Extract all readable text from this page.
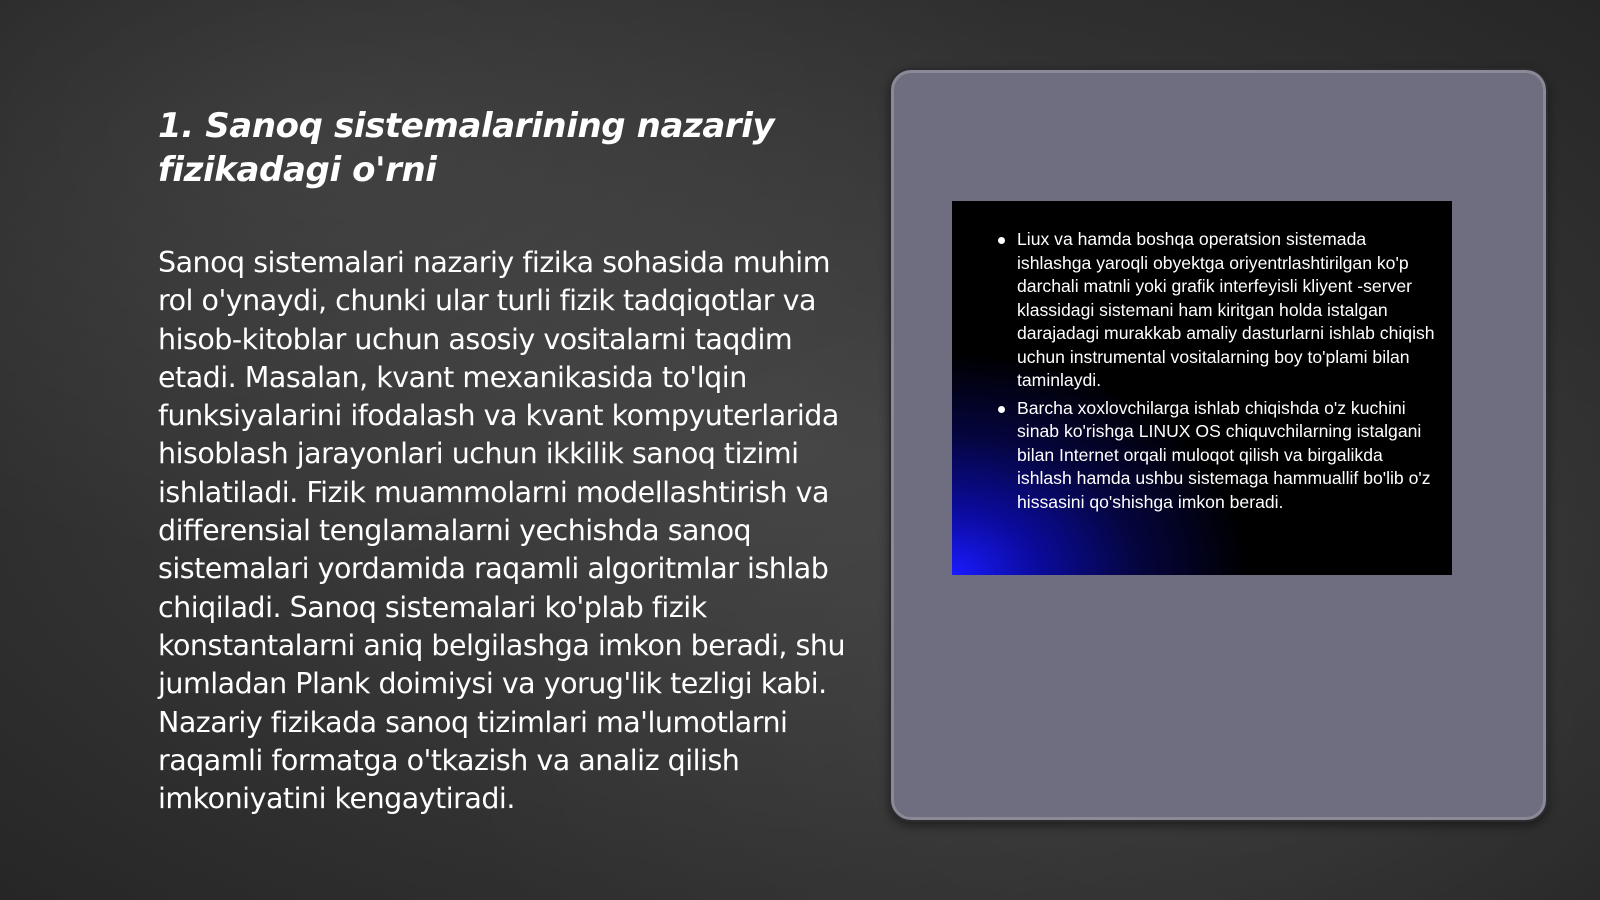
1. Sanoq sistemalarining nazariy fizikadagi o'rni

Sanoq sistemalari nazariy fizika sohasida muhim rol o'ynaydi, chunki ular turli fizik tadqiqotlar va hisob-kitoblar uchun asosiy vositalarni taqdim etadi. Masalan, kvant mexanikasida to'lqin funksiyalarini ifodalash va kvant kompyuterlarida hisoblash jarayonlari uchun ikkilik sanoq tizimi ishlatiladi. Fizik muammolarni modellashtirish va differensial tenglamalarni yechishda sanoq sistemalari yordamida raqamli algoritmlar ishlab chiqiladi. Sanoq sistemalari ko'plab fizik konstantalarni aniq belgilashga imkon beradi, shu jumladan Plank doimiysi va yorug'lik tezligi kabi. Nazariy fizikada sanoq tizimlari ma'lumotlarni raqamli formatga o'tkazish va analiz qilish imkoniyatini kengaytiradi.

Liux va hamda boshqa operatsion sistemada ishlashga yaroqli obyektga oriyentrlashtirilgan ko'p darchali matnli yoki grafik interfeyisli kliyent -server klassidagi sistemani ham kiritgan holda istalgan darajadagi murakkab amaliy dasturlarni ishlab chiqish uchun instrumental vositalarning boy to'plami bilan taminlaydi.
Barcha xoxlovchilarga ishlab chiqishda o'z kuchini sinab ko'rishga LINUX OS chiquvchilarning istalgani bilan Internet orqali muloqot qilish va birgalikda ishlash hamda ushbu sistemaga hammuallif bo'lib o'z hissasini qo'shishga imkon beradi.
